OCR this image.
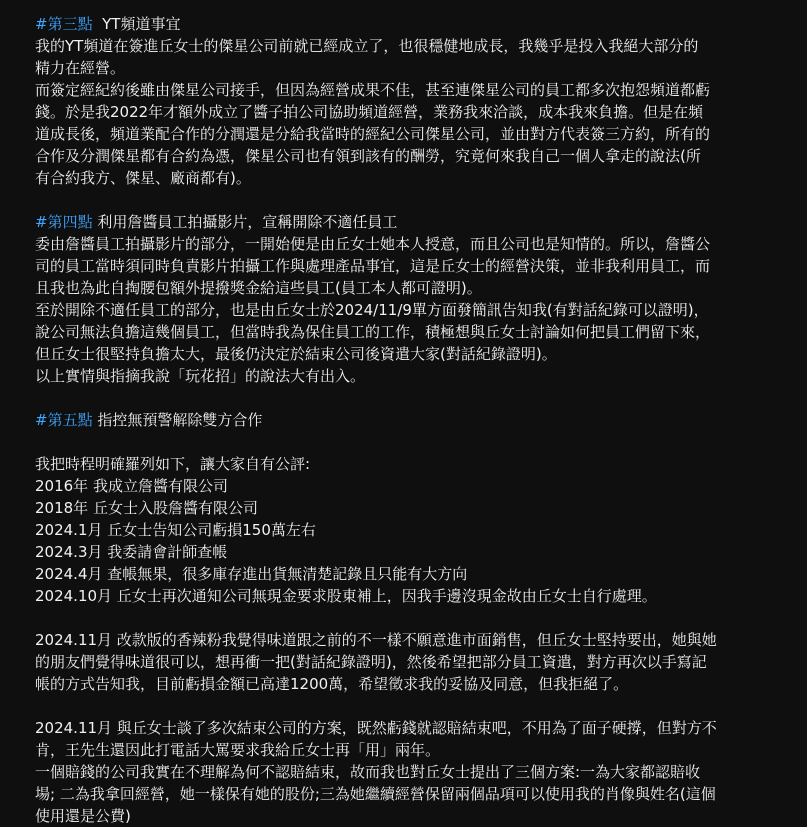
#第三點  YT頻道事宜
我的YT頻道在簽進丘女士的傑星公司前就已經成立了，也很穩健地成長，我幾乎是投入我絕大部分的
精力在經營。
而簽定經紀約後雖由傑星公司接手，但因為經營成果不佳，甚至連傑星公司的員工都多次抱怨頻道都虧
錢。於是我2022年才額外成立了醬子拍公司協助頻道經營，業務我來洽談，成本我來負擔。但是在頻
道成長後，頻道業配合作的分潤還是分給我當時的經紀公司傑星公司，並由對方代表簽三方約，所有的
合作及分潤傑星都有合約為憑，傑星公司也有領到該有的酬勞，究竟何來我自己一個人拿走的說法(所
有合約我方、傑星、廠商都有)。
#第四點 利用詹醬員工拍攝影片，宣稱開除不適任員工
委由詹醬員工拍攝影片的部分，一開始便是由丘女士她本人授意，而且公司也是知情的。所以，詹醬公
司的員工當時須同時負責影片拍攝工作與處理產品事宜，這是丘女士的經營決策，並非我利用員工，而
且我也為此自掏腰包額外提撥獎金給這些員工(員工本人都可證明)。
至於開除不適任員工的部分，也是由丘女士於2024/11/9單方面發簡訊告知我(有對話紀錄可以證明)，
說公司無法負擔這幾個員工，但當時我為保住員工的工作，積極想與丘女士討論如何把員工們留下來，
但丘女士很堅持負擔太大，最後仍決定於結束公司後資遣大家(對話紀錄證明)。
以上實情與指摘我說「玩花招」的說法大有出入。
#第五點 指控無預警解除雙方合作
我把時程明確羅列如下，讓大家自有公評:
2016年 我成立詹醬有限公司
2018年 丘女士入股詹醬有限公司
2024.1月 丘女士告知公司虧損150萬左右
2024.3月 我委請會計師查帳
2024.4月 查帳無果，很多庫存進出貨無清楚記錄且只能有大方向
2024.10月 丘女士再次通知公司無現金要求股東補上，因我手邊沒現金故由丘女士自行處理。
2024.11月 改款版的香辣粉我覺得味道跟之前的不一樣不願意進市面銷售，但丘女士堅持要出，她與她
的朋友們覺得味道很可以，想再衝一把(對話紀錄證明)，然後希望把部分員工資遣，對方再次以手寫記
帳的方式告知我，目前虧損金額已高達1200萬，希望徵求我的妥協及同意，但我拒絕了。
2024.11月 與丘女士談了多次結束公司的方案，既然虧錢就認賠結束吧，不用為了面子硬撐，但對方不
肯，王先生還因此打電話大罵要求我給丘女士再「用」兩年。
一個賠錢的公司我實在不理解為何不認賠結束，故而我也對丘女士提出了三個方案:一為大家都認賠收
場; 二為我拿回經營，她一樣保有她的股份;三為她繼續經營保留兩個品項可以使用我的肖像與姓名(這個
使用還是公費)
